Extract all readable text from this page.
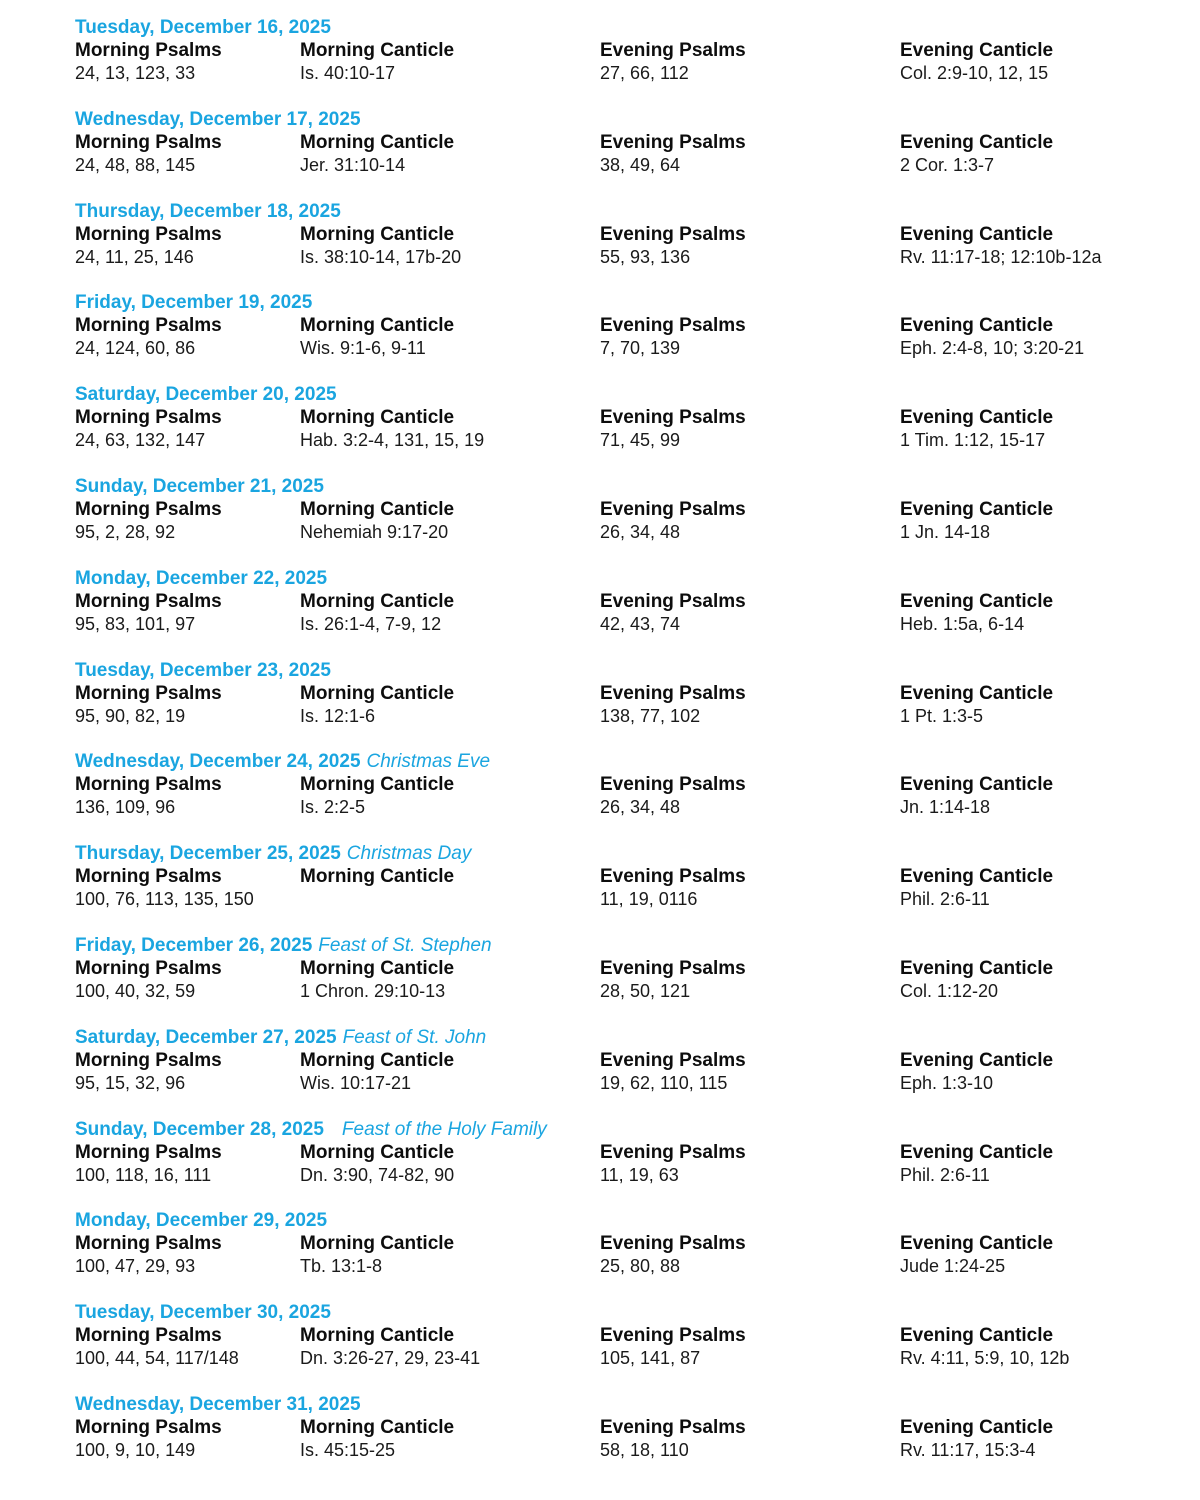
Tuesday, December 16, 2025
Morning Psalms
24, 13, 123, 33
Morning Canticle
Is. 40:10-17
Evening Psalms
27, 66, 112
Evening Canticle
Col. 2:9-10, 12, 15
Wednesday, December 17, 2025
Morning Psalms
24, 48, 88, 145
Morning Canticle
Jer. 31:10-14
Evening Psalms
38, 49, 64
Evening Canticle
2 Cor. 1:3-7
Thursday, December 18, 2025
Morning Psalms
24, 11, 25, 146
Morning Canticle
Is. 38:10-14, 17b-20
Evening Psalms
55, 93, 136
Evening Canticle
Rv. 11:17-18; 12:10b-12a
Friday, December 19, 2025
Morning Psalms
24, 124, 60, 86
Morning Canticle
Wis. 9:1-6, 9-11
Evening Psalms
7, 70, 139
Evening Canticle
Eph. 2:4-8, 10; 3:20-21
Saturday, December 20, 2025
Morning Psalms
24, 63, 132, 147
Morning Canticle
Hab. 3:2-4, 131, 15, 19
Evening Psalms
71, 45, 99
Evening Canticle
1 Tim. 1:12, 15-17
Sunday, December 21, 2025
Morning Psalms
95, 2, 28, 92
Morning Canticle
Nehemiah 9:17-20
Evening Psalms
26, 34, 48
Evening Canticle
1 Jn. 14-18
Monday, December 22, 2025
Morning Psalms
95, 83, 101, 97
Morning Canticle
Is. 26:1-4, 7-9, 12
Evening Psalms
42, 43, 74
Evening Canticle
Heb. 1:5a, 6-14
Tuesday, December 23, 2025
Morning Psalms
95, 90, 82, 19
Morning Canticle
Is. 12:1-6
Evening Psalms
138, 77, 102
Evening Canticle
1 Pt. 1:3-5
Wednesday, December 24, 2025 Christmas Eve
Morning Psalms
136, 109, 96
Morning Canticle
Is. 2:2-5
Evening Psalms
26, 34, 48
Evening Canticle
Jn. 1:14-18
Thursday, December 25, 2025 Christmas Day
Morning Psalms
100, 76, 113, 135, 150
Morning Canticle	Evening Psalms
11, 19, 0116
Evening Canticle
Phil. 2:6-11
Friday, December 26, 2025 Feast of St. Stephen
Morning Psalms
100, 40, 32, 59
Morning Canticle
1 Chron. 29:10-13
Evening Psalms
28, 50, 121
Evening Canticle
Col. 1:12-20
Saturday, December 27, 2025 Feast of St. John
Morning Psalms
95, 15, 32, 96
Morning Canticle
Wis. 10:17-21
Evening Psalms
19, 62, 110, 115
Evening Canticle
Eph. 1:3-10
Sunday, December 28, 2025 Feast of the Holy Family
Morning Psalms
100, 118, 16, 111
Morning Canticle
Dn. 3:90, 74-82, 90
Evening Psalms
11, 19, 63
Evening Canticle
Phil. 2:6-11
Monday, December 29, 2025
Morning Psalms
100, 47, 29, 93
Morning Canticle
Tb. 13:1-8
Evening Psalms
25, 80, 88
Evening Canticle
Jude 1:24-25
Tuesday, December 30, 2025
Morning Psalms
100, 44, 54, 117/148
Morning Canticle
Dn. 3:26-27, 29, 23-41
Evening Psalms
105, 141, 87
Evening Canticle
Rv. 4:11, 5:9, 10, 12b
Wednesday, December 31, 2025
Morning Psalms
100, 9, 10, 149
Morning Canticle
Is. 45:15-25
Evening Psalms
58, 18, 110
Evening Canticle
Rv. 11:17, 15:3-4
